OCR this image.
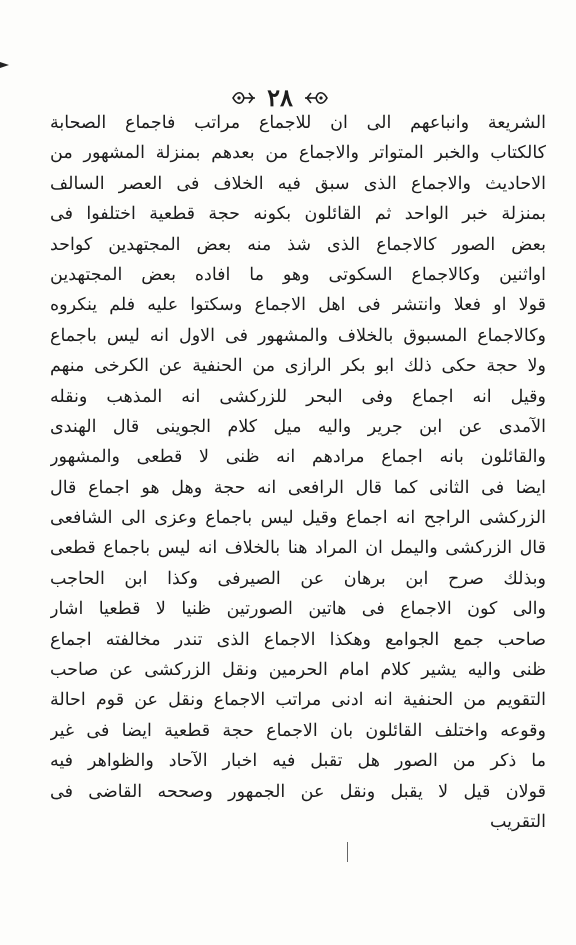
٢٨
الشريعة وانباعهم الى ان للاجماع مراتب فاجماع الصحابة
كالكتاب والخبر المتواتر والاجماع من بعدهم بمنزلة المشهور من
الاحاديث والاجماع الذى سبق فيه الخلاف فى العصر السالف
بمنزلة خبر الواحد ثم القائلون بكونه حجة قطعية اختلفوا فى
بعض الصور كالاجماع الذى شذ منه بعض المجتهدين كواحد
اواثنين وكالاجماع السكوتى وهو ما افاده بعض المجتهدين
قولا او فعلا وانتشر فى اهل الاجماع وسكتوا عليه فلم ينكروه
وكالاجماع المسبوق بالخلاف والمشهور فى الاول انه ليس باجماع
ولا حجة حكى ذلك ابو بكر الرازى من الحنفية عن الكرخى منهم
وقيل انه اجماع وفى البحر للزركشى انه المذهب ونقله
الآمدى عن ابن جرير واليه ميل كلام الجوينى قال الهندى
والقائلون بانه اجماع مرادهم انه ظنى لا قطعى والمشهور
ايضا فى الثانى كما قال الرافعى انه حجة وهل هو اجماع قال
الزركشى الراجح انه اجماع وقيل ليس باجماع وعزى الى الشافعى
قال الزركشى واليمل ان المراد هنا بالخلاف انه ليس باجماع قطعى
وبذلك صرح ابن برهان عن الصيرفى وكذا ابن الحاجب
والى كون الاجماع فى هاتين الصورتين ظنيا لا قطعيا اشار
صاحب جمع الجوامع وهكذا الاجماع الذى تندر مخالفته اجماع
ظنى واليه يشير كلام امام الحرمين ونقل الزركشى عن صاحب
التقويم من الحنفية انه ادنى مراتب الاجماع ونقل عن قوم احالة
وقوعه واختلف القائلون بان الاجماع حجة قطعية ايضا فى غير
ما ذكر من الصور هل تقبل فيه اخبار الآحاد والظواهر فيه
قولان قيل لا يقبل ونقل عن الجمهور وصححه القاضى فى
التقريب
